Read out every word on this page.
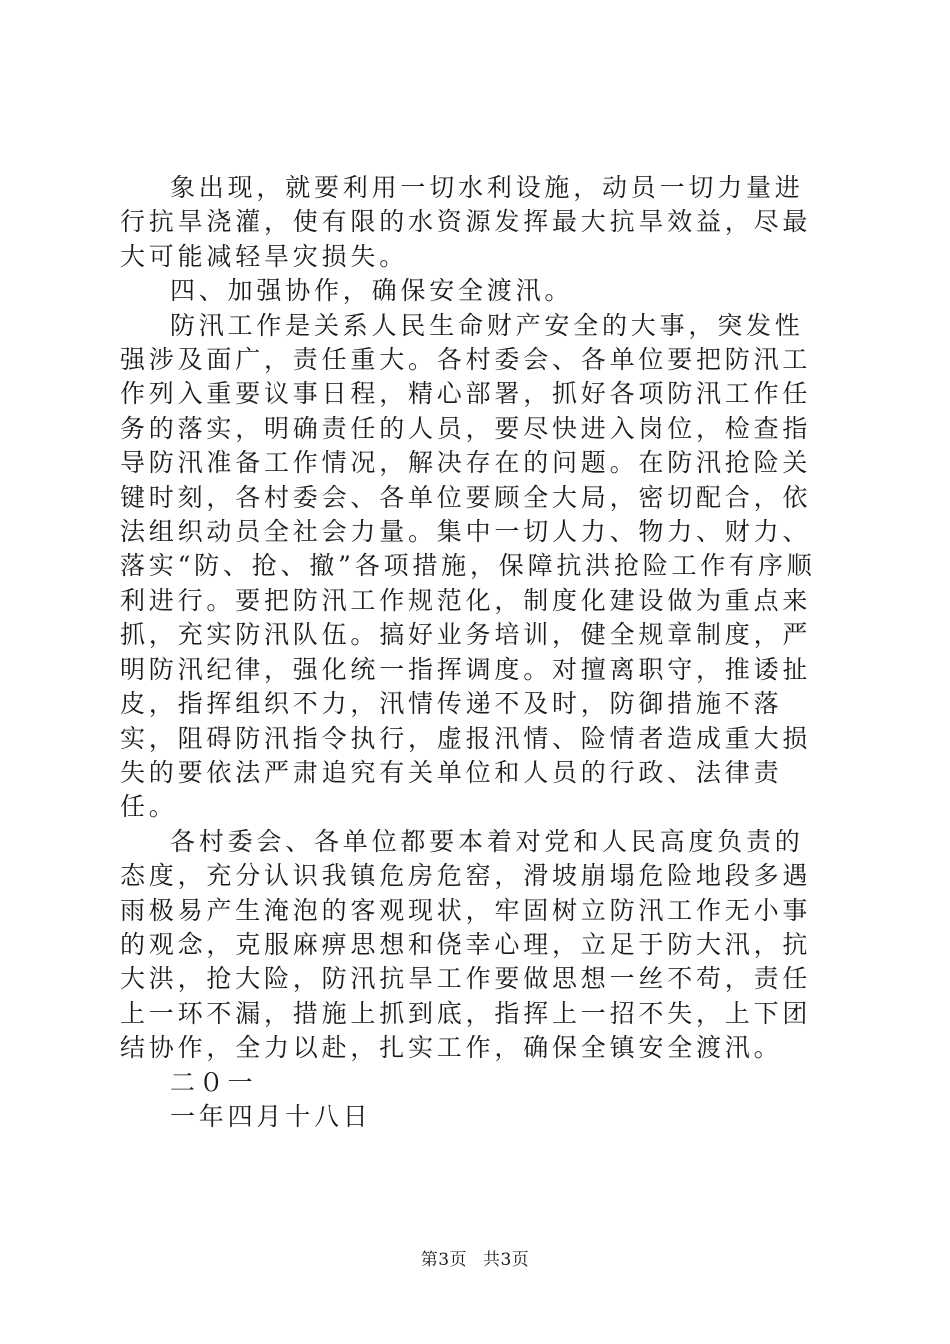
象出现，就要利用一切水利设施，动员一切力量进行抗旱浇灌，使有限的水资源发挥最大抗旱效益，尽最大可能减轻旱灾损失。

四、加强协作，确保安全渡汛。

防汛工作是关系人民生命财产安全的大事，突发性强涉及面广，责任重大。各村委会、各单位要把防汛工作列入重要议事日程，精心部署，抓好各项防汛工作任务的落实，明确责任的人员，要尽快进入岗位，检查指导防汛准备工作情况，解决存在的问题。在防汛抢险关键时刻，各村委会、各单位要顾全大局，密切配合，依法组织动员全社会力量。集中一切人力、物力、财力、落实“防、抢、撤”各项措施，保障抗洪抢险工作有序顺利进行。要把防汛工作规范化，制度化建设做为重点来抓，充实防汛队伍。搞好业务培训，健全规章制度，严明防汛纪律，强化统一指挥调度。对擅离职守，推诿扯皮，指挥组织不力，汛情传递不及时，防御措施不落实，阻碍防汛指令执行，虚报汛情、险情者造成重大损失的要依法严肃追究有关单位和人员的行政、法律责任。

各村委会、各单位都要本着对党和人民高度负责的态度，充分认识我镇危房危窑，滑坡崩塌危险地段多遇雨极易产生淹泡的客观现状，牢固树立防汛工作无小事的观念，克服麻痹思想和侥幸心理，立足于防大汛，抗大洪，抢大险，防汛抗旱工作要做思想一丝不苟，责任上一环不漏，措施上抓到底，指挥上一招不失，上下团结协作，全力以赴，扎实工作，确保全镇安全渡汛。

二０一

一年四月十八日

第3页 共3页
